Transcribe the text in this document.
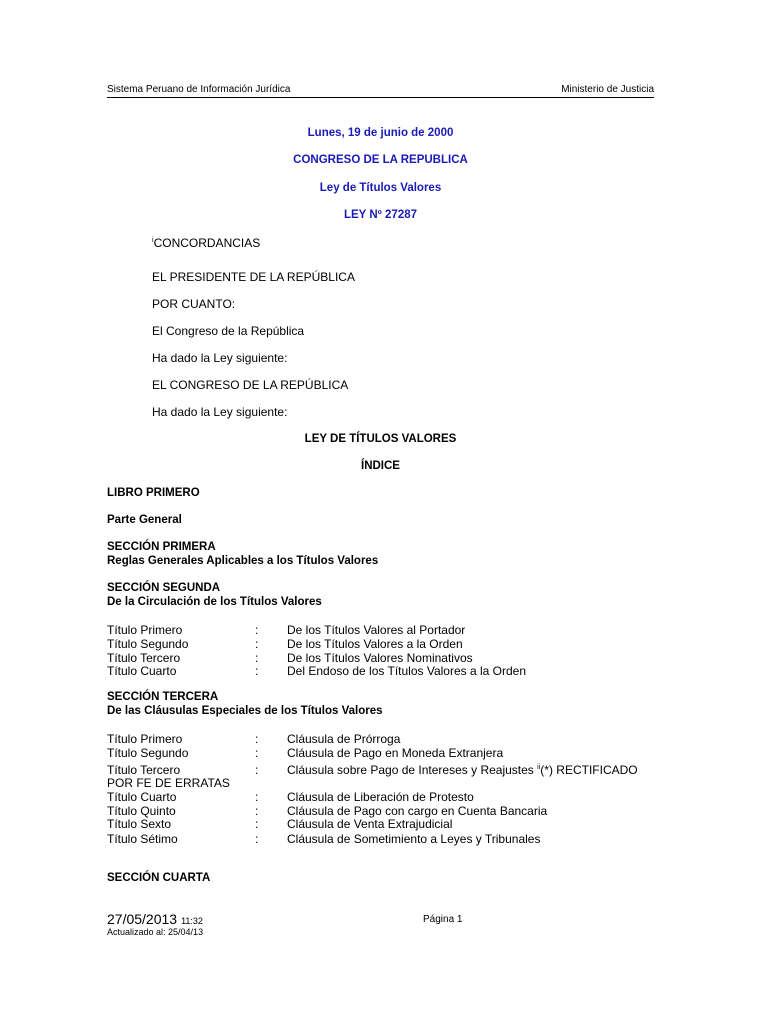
Sistema Peruano de Información Jurídica	Ministerio de Justicia
Lunes, 19 de junio de 2000
CONGRESO DE LA REPUBLICA
Ley de Títulos Valores
LEY Nº 27287
$^i$CONCORDANCIAS
EL PRESIDENTE DE LA REPÚBLICA
POR CUANTO:
El Congreso de la República
Ha dado la Ley siguiente:
EL CONGRESO DE LA REPÚBLICA
Ha dado la Ley siguiente:
LEY DE TÍTULOS VALORES
ÍNDICE
LIBRO PRIMERO
Parte General
SECCIÓN PRIMERA
Reglas Generales Aplicables a los Títulos Valores
SECCIÓN SEGUNDA
De la Circulación de los Títulos Valores
Título Primero	: De los Títulos Valores al Portador
Título Segundo	: De los Títulos Valores a la Orden
Título Tercero	: De los Títulos Valores Nominativos
Título Cuarto	: Del Endoso de los Títulos Valores a la Orden
SECCIÓN TERCERA
De las Cláusulas Especiales de los Títulos Valores
Título Primero	: Cláusula de Prórroga
Título Segundo	: Cláusula de Pago en Moneda Extranjera
Título Tercero	: Cláusula sobre Pago de Intereses y Reajustes $^{ii}$(*) RECTIFICADO
POR FE DE ERRATAS
Título Cuarto	: Cláusula de Liberación de Protesto
Título Quinto	: Cláusula de Pago con cargo en Cuenta Bancaria
Título Sexto	: Cláusula de Venta Extrajudicial
Título Sétimo	: Cláusula de Sometimiento a Leyes y Tribunales
SECCIÓN CUARTA
27/05/2013 11:32	Página 1
Actualizado al: 25/04/13
